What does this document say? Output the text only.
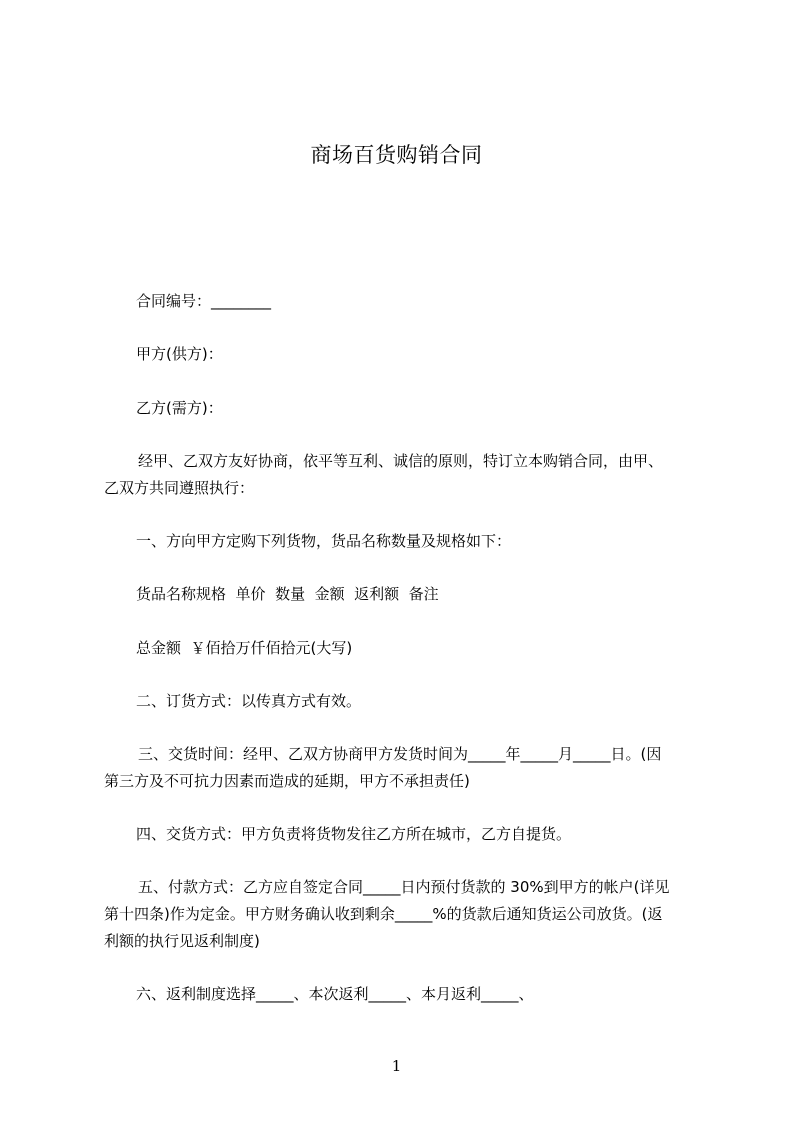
商场百货购销合同
合同编号：________
甲方(供方)：
乙方(需方)：
经甲、乙双方友好协商，依平等互利、诚信的原则，特订立本购销合同，由甲、
乙双方共同遵照执行：
一、方向甲方定购下列货物，货品名称数量及规格如下：
货品名称规格  单价  数量  金额  返利额  备注
总金额  ￥佰拾万仟佰拾元(大写)
二、订货方式：以传真方式有效。
三、交货时间：经甲、乙双方协商甲方发货时间为_____年_____月_____日。(因
第三方及不可抗力因素而造成的延期，甲方不承担责任)
四、交货方式：甲方负责将货物发往乙方所在城市，乙方自提货。
五、付款方式：乙方应自签定合同_____日内预付货款的 30%到甲方的帐户(详见
第十四条)作为定金。甲方财务确认收到剩余_____%的货款后通知货运公司放货。(返
利额的执行见返利制度)
六、返利制度选择_____、本次返利_____、本月返利_____、
1
